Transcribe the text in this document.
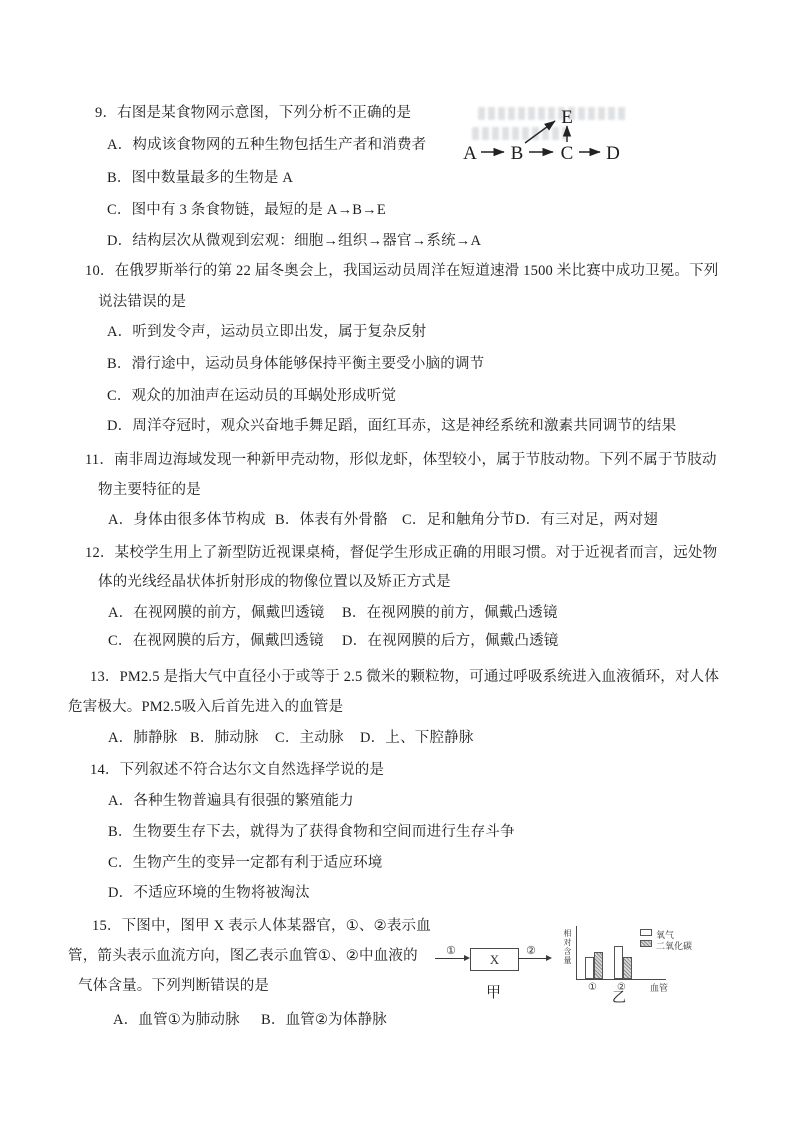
9．右图是某食物网示意图，下列分析不正确的是
A．构成该食物网的五种生物包括生产者和消费者
B．图中数量最多的生物是 A
C．图中有 3 条食物链，最短的是 A→B→E
D．结构层次从微观到宏观：细胞→组织→器官→系统→A
A B C D
E
10．在俄罗斯举行的第 22 届冬奥会上，我国运动员周洋在短道速滑 1500 米比赛中成功卫冕。下列
说法错误的是
A．听到发令声，运动员立即出发，属于复杂反射
B．滑行途中，运动员身体能够保持平衡主要受小脑的调节
C．观众的加油声在运动员的耳蜗处形成听觉
D．周洋夺冠时，观众兴奋地手舞足蹈，面红耳赤，这是神经系统和激素共同调节的结果
11．南非周边海域发现一种新甲壳动物，形似龙虾，体型较小，属于节肢动物。下列不属于节肢动
物主要特征的是
A．身体由很多体节构成 B．体表有外骨骼 C．足和触角分节 D．有三对足，两对翅
12．某校学生用上了新型防近视课桌椅，督促学生形成正确的用眼习惯。对于近视者而言，远处物
体的光线经晶状体折射形成的物像位置以及矫正方式是
A．在视网膜的前方，佩戴凹透镜 B．在视网膜的前方，佩戴凸透镜
C．在视网膜的后方，佩戴凹透镜 D．在视网膜的后方，佩戴凸透镜
13．PM2.5 是指大气中直径小于或等于 2.5 微米的颗粒物，可通过呼吸系统进入血液循环，对人体
危害极大。PM2.5吸入后首先进入的血管是
A．肺静脉 B．肺动脉 C．主动脉 D．上、下腔静脉
14．下列叙述不符合达尔文自然选择学说的是
A．各种生物普遍具有很强的繁殖能力
B．生物要生存下去，就得为了获得食物和空间而进行生存斗争
C．生物产生的变异一定都有利于适应环境
D．不适应环境的生物将被淘汰
15．下图中，图甲 X 表示人体某器官，①、②表示血
管，箭头表示血流方向，图乙表示血管①、②中血液的
气体含量。下列判断错误的是
A．血管①为肺动脉 B．血管②为体静脉
①
X
②
甲
相对含量
① ②	血管
氧气
二氧化碳
乙
